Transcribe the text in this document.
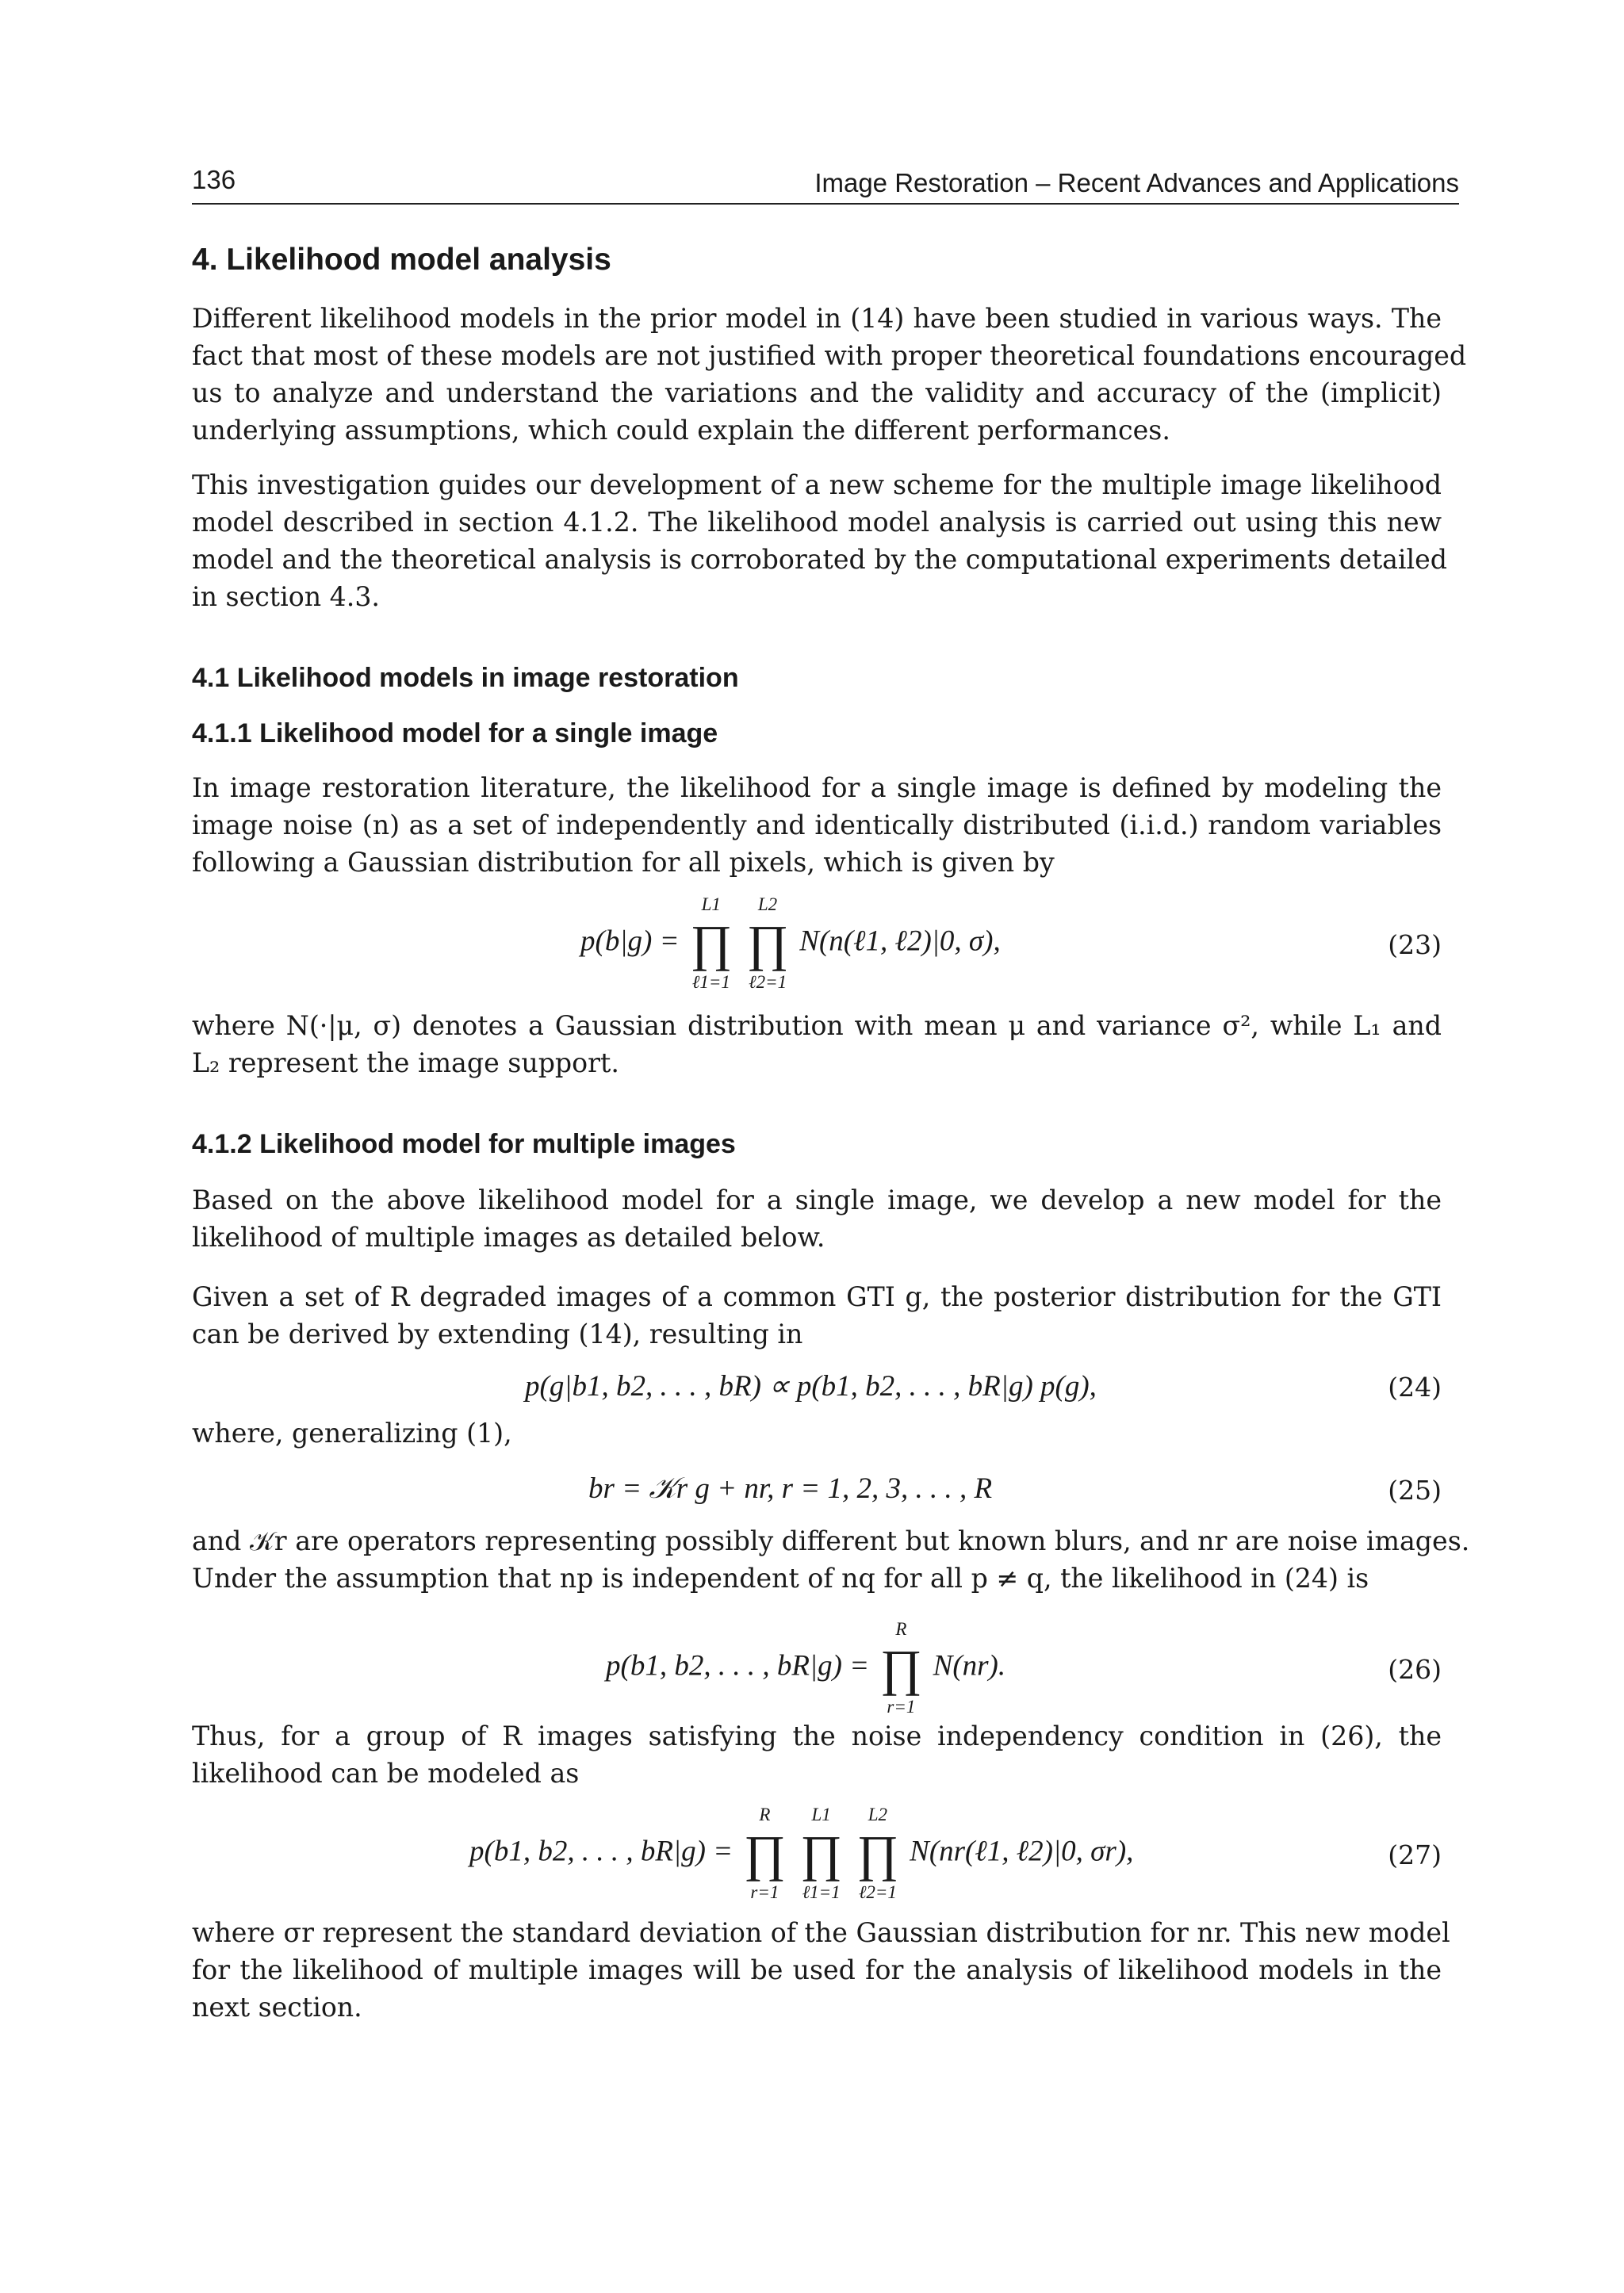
136	Image Restoration – Recent Advances and Applications
4. Likelihood model analysis
Different likelihood models in the prior model in (14) have been studied in various ways. The
fact that most of these models are not justified with proper theoretical foundations encouraged
us to analyze and understand the variations and the validity and accuracy of the (implicit)
underlying assumptions, which could explain the different performances.
This investigation guides our development of a new scheme for the multiple image likelihood
model described in section 4.1.2. The likelihood model analysis is carried out using this new
model and the theoretical analysis is corroborated by the computational experiments detailed
in section 4.3.
4.1 Likelihood models in image restoration
4.1.1 Likelihood model for a single image
In image restoration literature, the likelihood for a single image is defined by modeling the
image noise (n) as a set of independently and identically distributed (i.i.d.) random variables
following a Gaussian distribution for all pixels, which is given by
p(b|g) =
L1
∏
ℓ1=1

L2
∏
ℓ2=1
N(n(ℓ1, ℓ2)|0, σ),	(23)
where N(·|μ, σ) denotes a Gaussian distribution with mean μ and variance σ², while L₁ and
L₂ represent the image support.
4.1.2 Likelihood model for multiple images
Based on the above likelihood model for a single image, we develop a new model for the
likelihood of multiple images as detailed below.
Given a set of R degraded images of a common GTI g, the posterior distribution for the GTI
can be derived by extending (14), resulting in
p(g|b1, b2, . . . , bR) ∝ p(b1, b2, . . . , bR|g) p(g),	(24)
where, generalizing (1),
br = 𝒦r g + nr, r = 1, 2, 3, . . . , R	(25)
and 𝒦r are operators representing possibly different but known blurs, and nr are noise images.
Under the assumption that np is independent of nq for all p ≠ q, the likelihood in (24) is
p(b1, b2, . . . , bR|g) =
R
∏
r=1
N(nr).	(26)
Thus, for a group of R images satisfying the noise independency condition in (26), the
likelihood can be modeled as
p(b1, b2, . . . , bR|g) =
R
∏
r=1

L1
∏
ℓ1=1

L2
∏
ℓ2=1
N(nr(ℓ1, ℓ2)|0, σr),	(27)
where σr represent the standard deviation of the Gaussian distribution for nr. This new model
for the likelihood of multiple images will be used for the analysis of likelihood models in the
next section.
